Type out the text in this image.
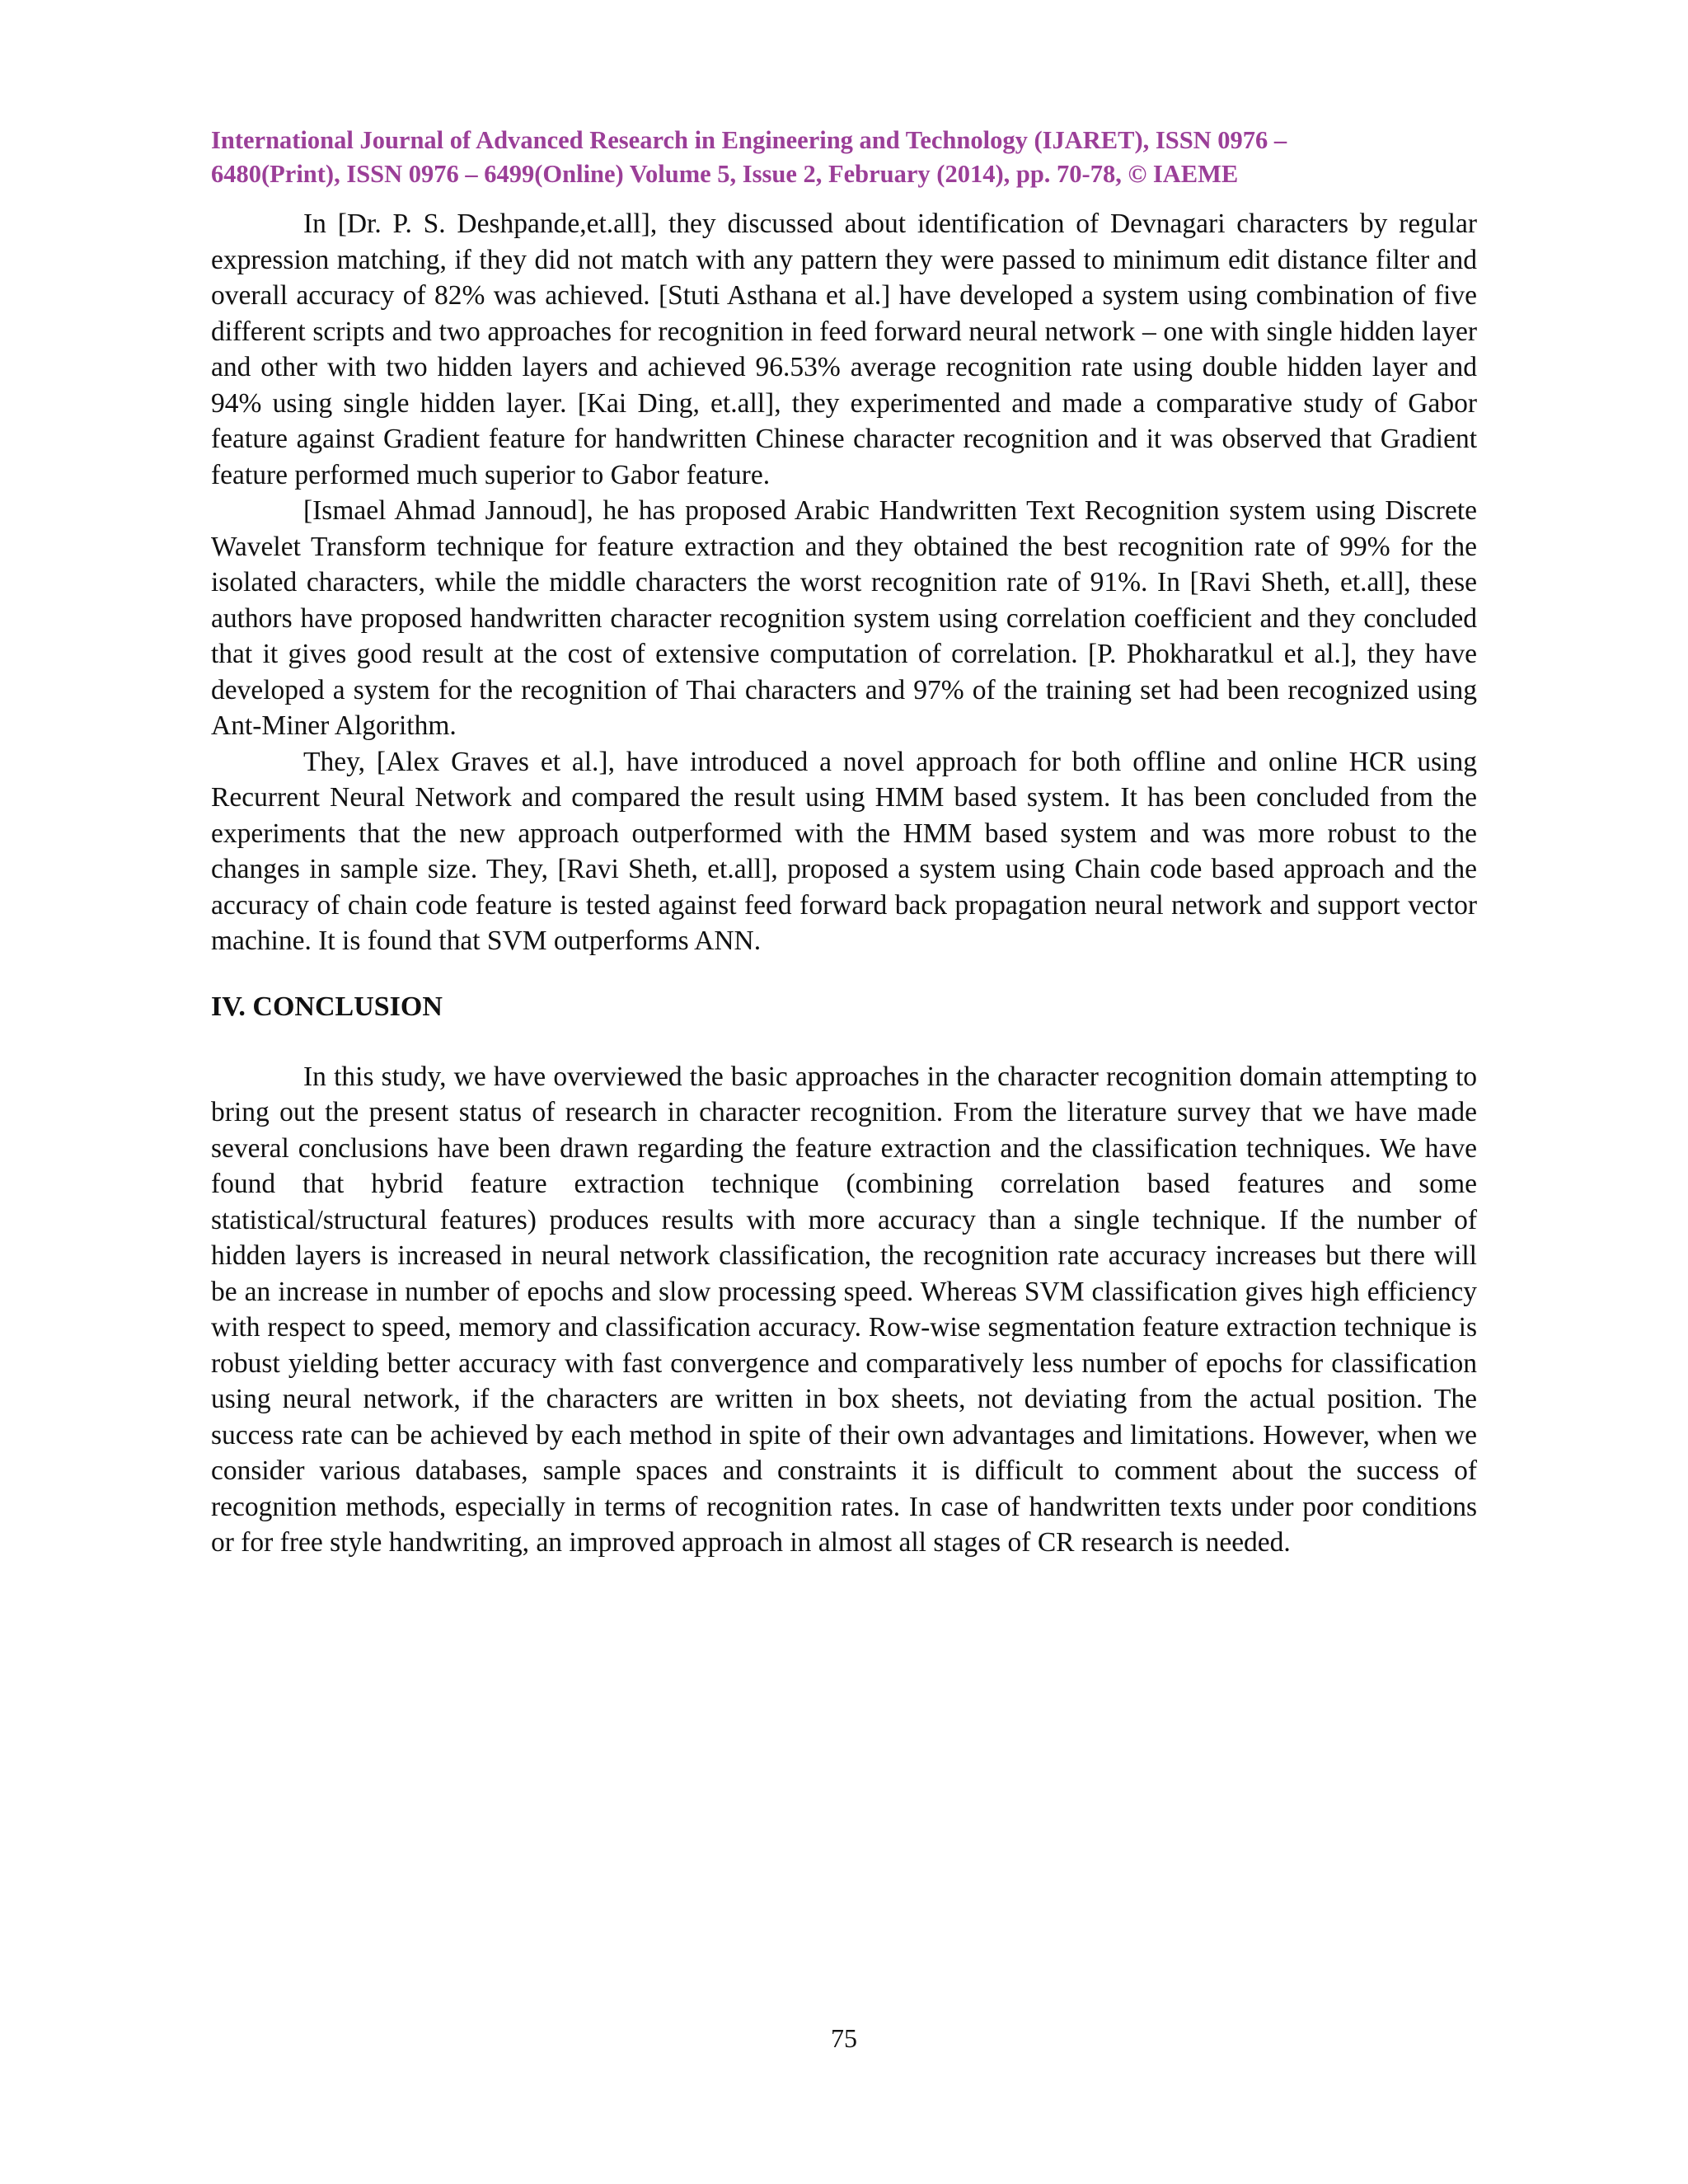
International Journal of Advanced Research in Engineering and Technology (IJARET), ISSN 0976 –
6480(Print), ISSN 0976 – 6499(Online) Volume 5, Issue 2, February (2014), pp. 70-78, © IAEME

In [Dr. P. S. Deshpande,et.all], they discussed about identification of Devnagari characters by regular expression matching, if they did not match with any pattern they were passed to minimum edit distance filter and overall accuracy of 82% was achieved. [Stuti Asthana et al.] have developed a system using combination of five different scripts and two approaches for recognition in feed forward neural network – one with single hidden layer and other with two hidden layers and achieved 96.53% average recognition rate using double hidden layer and 94% using single hidden layer. [Kai Ding, et.all], they experimented and made a comparative study of Gabor feature against Gradient feature for handwritten Chinese character recognition and it was observed that Gradient feature performed much superior to Gabor feature.

[Ismael Ahmad Jannoud], he has proposed Arabic Handwritten Text Recognition system using Discrete Wavelet Transform technique for feature extraction and they obtained the best recognition rate of 99% for the isolated characters, while the middle characters the worst recognition rate of 91%. In [Ravi Sheth, et.all], these authors have proposed handwritten character recognition system using correlation coefficient and they concluded that it gives good result at the cost of extensive computation of correlation. [P. Phokharatkul et al.], they have developed a system for the recognition of Thai characters and 97% of the training set had been recognized using Ant-Miner Algorithm.

They, [Alex Graves et al.], have introduced a novel approach for both offline and online HCR using Recurrent Neural Network and compared the result using HMM based system. It has been concluded from the experiments that the new approach outperformed with the HMM based system and was more robust to the changes in sample size. They, [Ravi Sheth, et.all], proposed a system using Chain code based approach and the accuracy of chain code feature is tested against feed forward back propagation neural network and support vector machine. It is found that SVM outperforms ANN.

IV. CONCLUSION

In this study, we have overviewed the basic approaches in the character recognition domain attempting to bring out the present status of research in character recognition. From the literature survey that we have made several conclusions have been drawn regarding the feature extraction and the classification techniques. We have found that hybrid feature extraction technique (combining correlation based features and some statistical/structural features) produces results with more accuracy than a single technique. If the number of hidden layers is increased in neural network classification, the recognition rate accuracy increases but there will be an increase in number of epochs and slow processing speed. Whereas SVM classification gives high efficiency with respect to speed, memory and classification accuracy. Row-wise segmentation feature extraction technique is robust yielding better accuracy with fast convergence and comparatively less number of epochs for classification using neural network, if the characters are written in box sheets, not deviating from the actual position. The success rate can be achieved by each method in spite of their own advantages and limitations. However, when we consider various databases, sample spaces and constraints it is difficult to comment about the success of recognition methods, especially in terms of recognition rates. In case of handwritten texts under poor conditions or for free style handwriting, an improved approach in almost all stages of CR research is needed.

75
